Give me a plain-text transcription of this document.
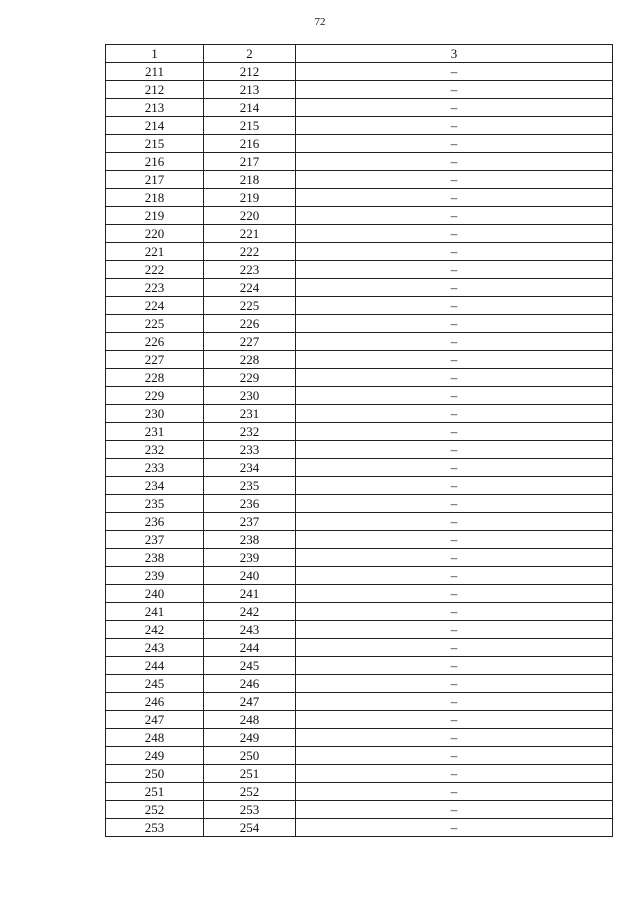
72
1	2	3
211	212	–
212	213	–
213	214	–
214	215	–
215	216	–
216	217	–
217	218	–
218	219	–
219	220	–
220	221	–
221	222	–
222	223	–
223	224	–
224	225	–
225	226	–
226	227	–
227	228	–
228	229	–
229	230	–
230	231	–
231	232	–
232	233	–
233	234	–
234	235	–
235	236	–
236	237	–
237	238	–
238	239	–
239	240	–
240	241	–
241	242	–
242	243	–
243	244	–
244	245	–
245	246	–
246	247	–
247	248	–
248	249	–
249	250	–
250	251	–
251	252	–
252	253	–
253	254	–
